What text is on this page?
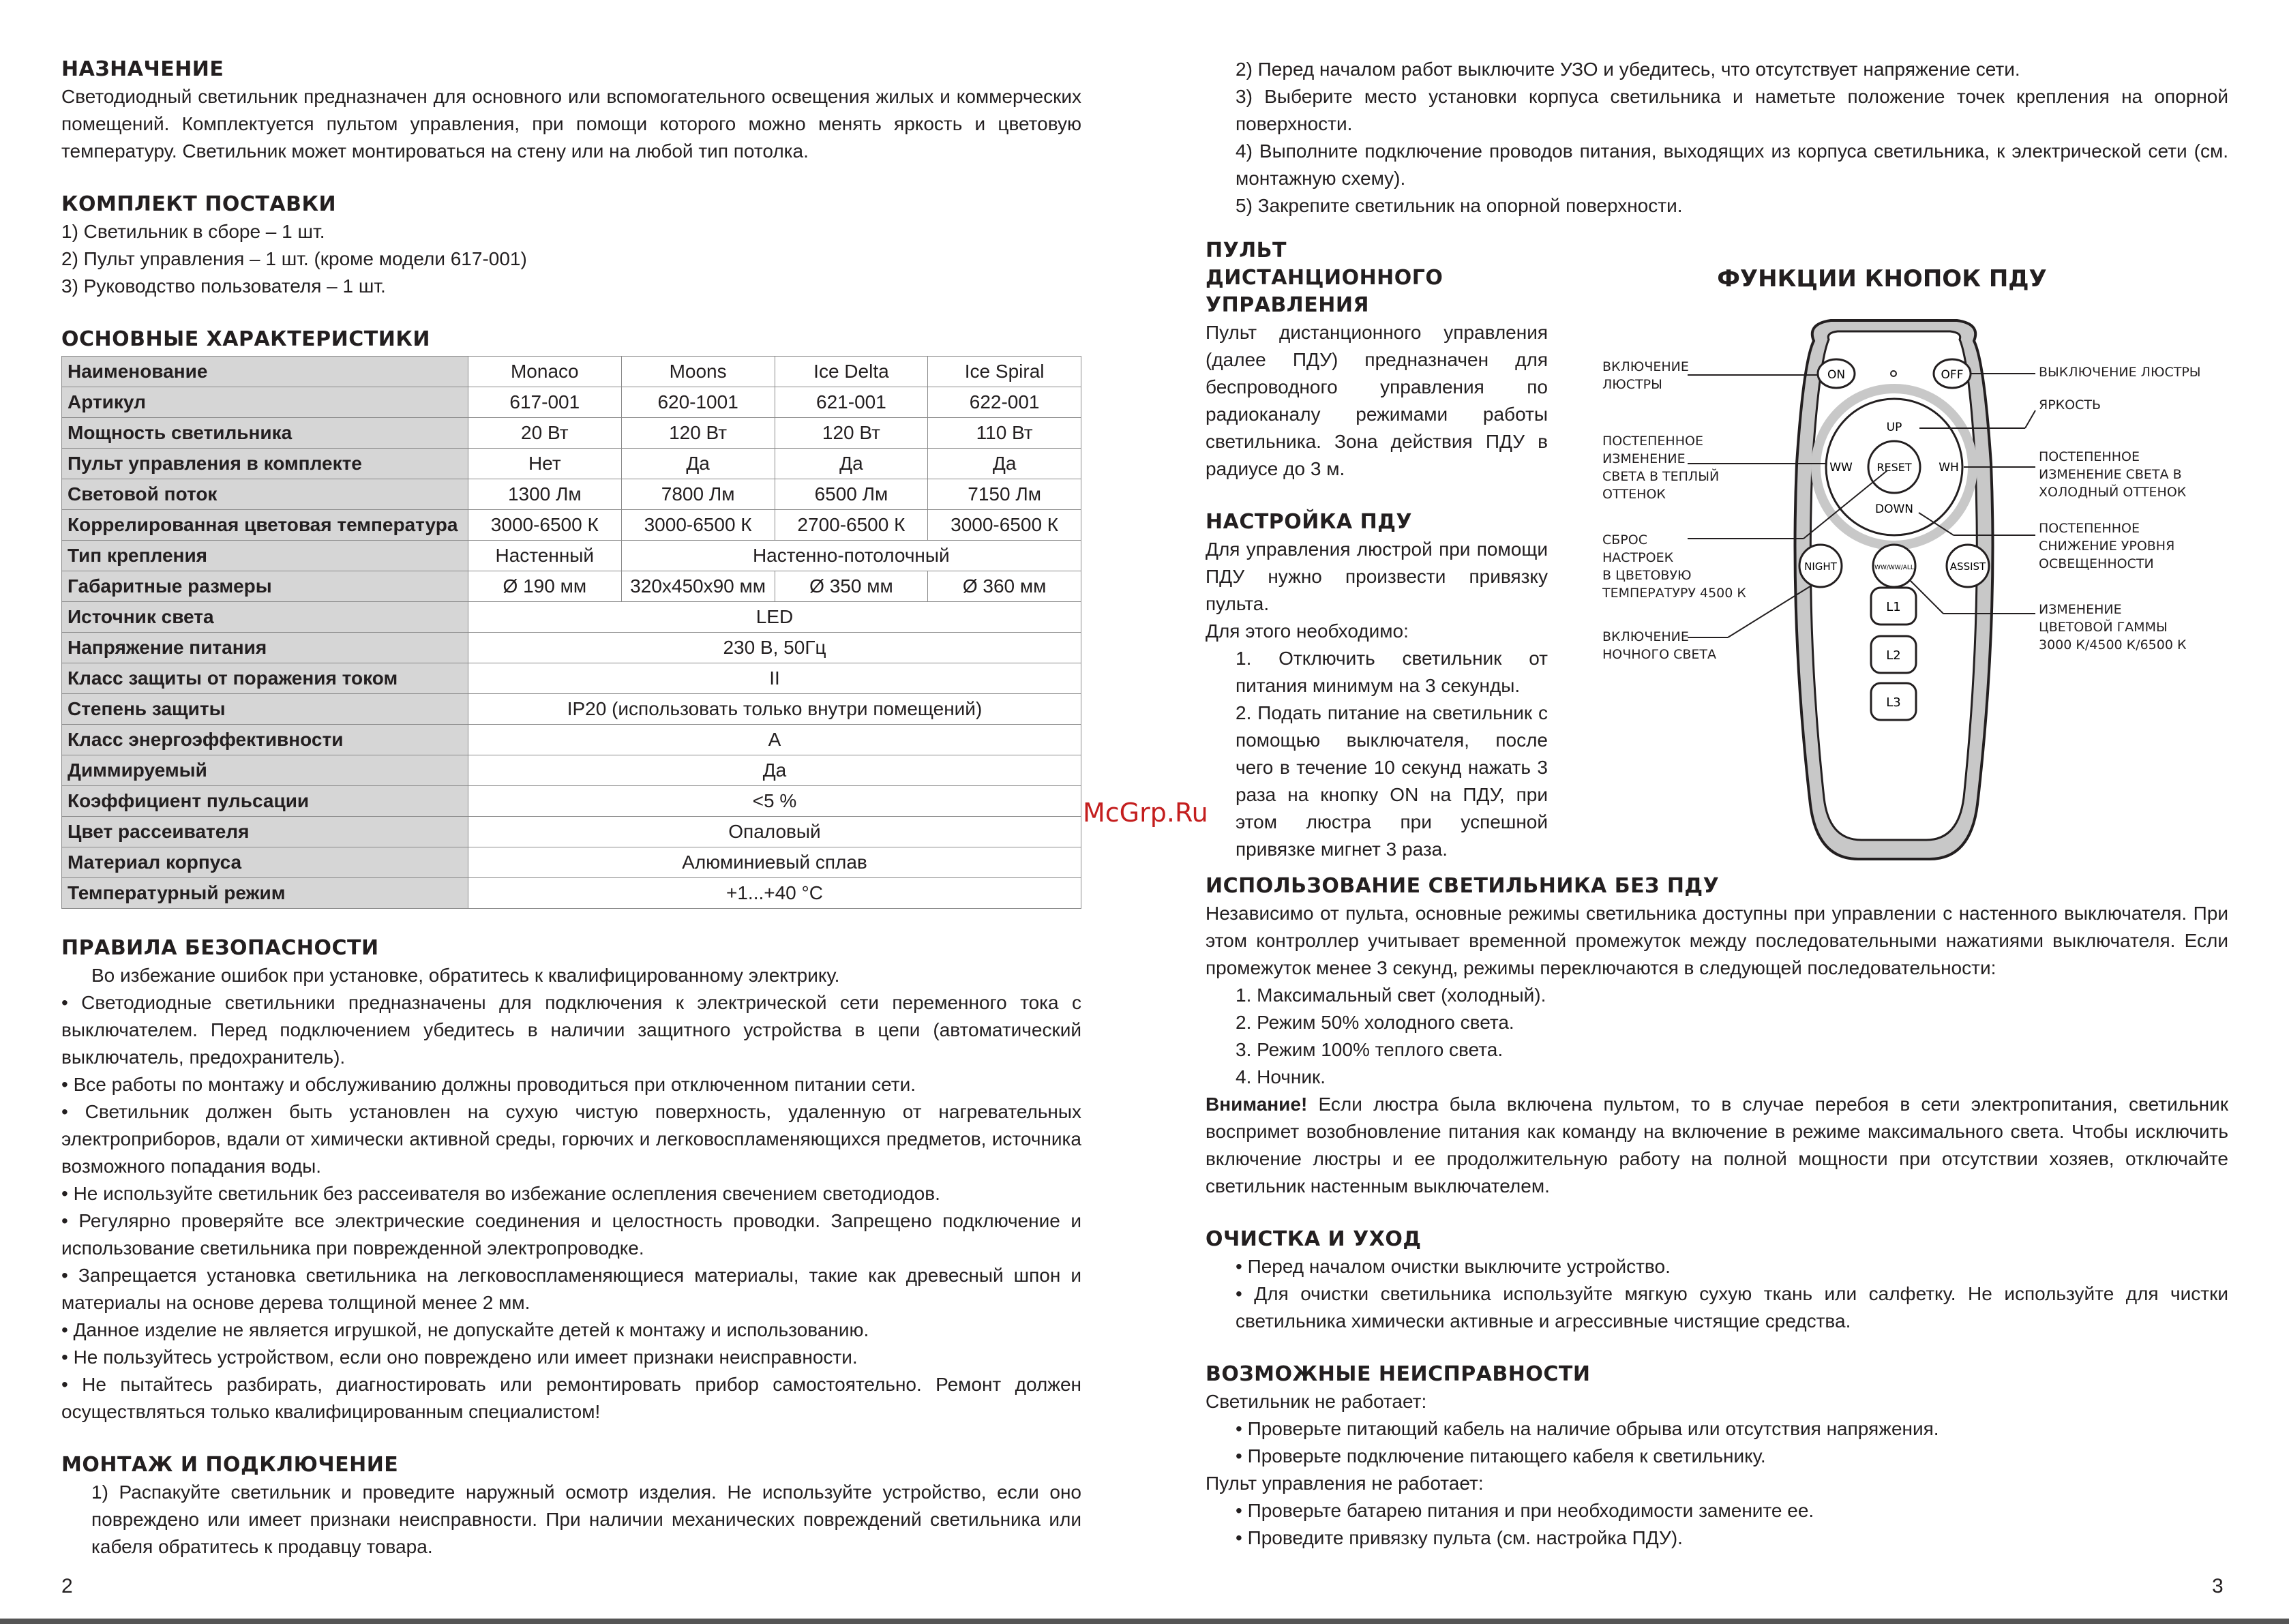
НАЗНАЧЕНИЕ

Светодиодный светильник предназначен для основного или вспомогательного освещения жилых и коммерческих помещений. Комплектуется пультом управления, при помощи которого можно менять яркость и цветовую температуру. Светильник может монтироваться на стену или на любой тип потолка.

КОМПЛЕКТ ПОСТАВКИ

1) Светильник в сборе – 1 шт.

2) Пульт управления – 1 шт. (кроме модели 617-001)

3) Руководство пользователя – 1 шт.

ОСНОВНЫЕ ХАРАКТЕРИСТИКИ
Наименование	Monaco	Moons	Ice Delta	Ice Spiral
Артикул	617-001	620-1001	621-001	622-001
Мощность светильника	20 Вт	120 Вт	120 Вт	110 Вт
Пульт управления в комплекте	Нет	Да	Да	Да
Световой поток	1300 Лм	7800 Лм	6500 Лм	7150 Лм
Коррелированная цветовая температура	3000-6500 К	3000-6500 К	2700-6500 К	3000-6500 К
Тип крепления	Настенный	Настенно-потолочный		
Габаритные размеры	Ø 190 мм	320х450х90 мм	Ø 350 мм	Ø 360 мм
Источник света	LED			
Напряжение питания	230 В, 50Гц			
Класс защиты от поражения током	II			
Степень защиты	IP20 (использовать только внутри помещений)			
Класс энергоэффективности	А			
Диммируемый	Да			
Коэффициент пульсации	<5 %			
Цвет рассеивателя	Опаловый			
Материал корпуса	Алюминиевый сплав			
Температурный режим	+1...+40 °С			
ПРАВИЛА БЕЗОПАСНОСТИ

Во избежание ошибок при установке, обратитесь к квалифицированному электрику.

• Светодиодные светильники предназначены для подключения к электрической сети переменного тока с выключателем. Перед подключением убедитесь в наличии защитного устройства в цепи (автоматический выключатель, предохранитель).

• Все работы по монтажу и обслуживанию должны проводиться при отключенном питании сети.

• Светильник должен быть установлен на сухую чистую поверхность, удаленную от нагревательных электроприборов, вдали от химически активной среды, горючих и легковоспламеняющихся предметов, источника возможного попадания воды.

• Не используйте светильник без рассеивателя во избежание ослепления свечением светодиодов.

• Регулярно проверяйте все электрические соединения и целостность проводки. Запрещено подключение и использование светильника при поврежденной электропроводке.

• Запрещается установка светильника на легковоспламеняющиеся материалы, такие как древесный шпон и материалы на основе дерева толщиной менее 2 мм.

• Данное изделие не является игрушкой, не допускайте детей к монтажу и использованию.

• Не пользуйтесь устройством, если оно повреждено или имеет признаки неисправности.

• Не пытайтесь разбирать, диагностировать или ремонтировать прибор самостоятельно. Ремонт должен осуществляться только квалифицированным специалистом!

МОНТАЖ И ПОДКЛЮЧЕНИЕ

1) Распакуйте светильник и проведите наружный осмотр изделия. Не используйте устройство, если оно повреждено или имеет признаки неисправности. При наличии механических повреждений светильника или кабеля обратитесь к продавцу товара.

2) Перед началом работ выключите УЗО и убедитесь, что отсутствует напряжение сети.

3) Выберите место установки корпуса светильника и наметьте положение точек крепления на опорной поверхности.

4) Выполните подключение проводов питания, выходящих из корпуса светильника, к электрической сети (см. монтажную схему).

5) Закрепите светильник на опорной поверхности.

ПУЛЬТ
ДИСТАНЦИОННОГО
УПРАВЛЕНИЯ

Пульт дистанционного управления (далее ПДУ) предназначен для беспроводного управления по радиоканалу режимами работы светильника. Зона действия ПДУ в радиусе до 3 м.

НАСТРОЙКА ПДУ

Для управления люстрой при помощи ПДУ нужно произвести привязку пульта.

Для этого необходимо:

1. Отключить светильник от питания минимум на 3 секунды.

2. Подать питание на светильник с помощью выключателя, после чего в течение 10 секунд нажать 3 раза на кнопку ON на ПДУ, при этом люстра при успешной привязке мигнет 3 раза.

ИСПОЛЬЗОВАНИЕ СВЕТИЛЬНИКА БЕЗ ПДУ

Независимо от пульта, основные режимы светильника доступны при управлении с настенного выключателя. При этом контроллер учитывает временной промежуток между последовательными нажатиями выключателя. Если промежуток менее 3 секунд, режимы переключаются в следующей последовательности:

1. Максимальный свет (холодный).

2. Режим 50% холодного света.

3. Режим 100% теплого света.

4. Ночник.

Внимание! Если люстра была включена пультом, то в случае перебоя в сети электропитания, светильник воспримет возобновление питания как команду на включение в режиме максимального света. Чтобы исключить включение люстры и ее продолжительную работу на полной мощности при отсутствии хозяев, отключайте светильник настенным выключателем.

ОЧИСТКА И УХОД

• Перед началом очистки выключите устройство.

• Для очистки светильника используйте мягкую сухую ткань или салфетку. Не используйте для чистки светильника химически активные и агрессивные чистящие средства.

ВОЗМОЖНЫЕ НЕИСПРАВНОСТИ

Светильник не работает:

• Проверьте питающий кабель на наличие обрыва или отсутствия напряжения.

• Проверьте подключение питающего кабеля к светильнику.

Пульт управления не работает:

• Проверьте батарею питания и при необходимости замените ее.

• Проведите привязку пульта (см. настройка ПДУ).

ФУНКЦИИ КНОПОК ПДУ
ON	OFF
UP
WW	WH
DOWN
RESET
NIGHT	WW/WW/ALL	ASSIST
L1
L2
L3
ВКЛЮЧЕНИЕ ЛЮСТРЫ
ПОСТЕПЕННОЕ ИЗМЕНЕНИЕ СВЕТА В ТЕПЛЫЙ ОТТЕНОК
СБРОС НАСТРОЕК В ЦВЕТОВУЮ ТЕМПЕРАТУРУ 4500 К
ВКЛЮЧЕНИЕ НОЧНОГО СВЕТА
ВЫКЛЮЧЕНИЕ ЛЮСТРЫ
ЯРКОСТЬ
ПОСТЕПЕННОЕ ИЗМЕНЕНИЕ СВЕТА В ХОЛОДНЫЙ ОТТЕНОК
ПОСТЕПЕННОЕ СНИЖЕНИЕ УРОВНЯ ОСВЕЩЕННОСТИ
ИЗМЕНЕНИЕ ЦВЕТОВОЙ ГАММЫ 3000 К/4500 К/6500 К
McGrp.Ru
2	3
